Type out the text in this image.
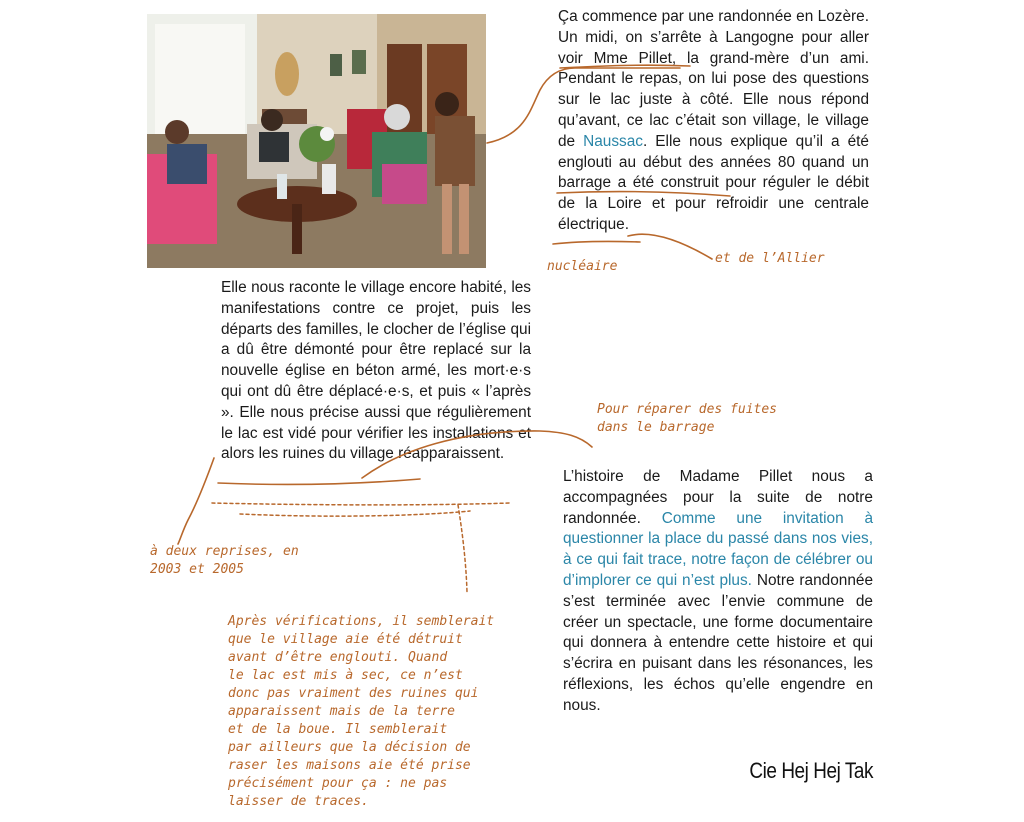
Ça commence par une randonnée en Lozère. Un midi, on s’arrête à Langogne pour aller voir Mme Pillet, la grand-mère d’un ami. Pendant le repas, on lui pose des questions sur le lac juste à côté. Elle nous répond qu’avant, ce lac c’était son village, le village de Naussac. Elle nous explique qu’il a été englouti au début des années 80 quand un barrage a été construit pour réguler le débit de la Loire et pour refroidir une centrale électrique.
Elle nous raconte le village encore habité, les manifestations contre ce projet, puis les départs des familles, le clocher de l’église qui a dû être démonté pour être replacé sur la nouvelle église en béton armé, les mort·e·s qui ont dû être déplacé·e·s, et puis « l’après ». Elle nous précise aussi que régulièrement le lac est vidé pour vérifier les installations et alors les ruines du village réapparaissent.
L’histoire de Madame Pillet nous a accompagnées pour la suite de notre randonnée. Comme une invitation à questionner la place du passé dans nos vies, à ce qui fait trace, notre façon de célébrer ou d’implorer ce qui n’est plus. Notre randonnée s’est terminée avec l’envie commune de créer un spectacle, une forme documentaire qui donnera à entendre cette histoire et qui s’écrira en puisant dans les résonances, les réflexions, les échos qu’elle engendre en nous.
nucléaire
et de l’Allier
Pour réparer des fuites
dans le barrage
à deux reprises, en
2003 et 2005
Après vérifications, il semblerait
que le village aie été détruit
avant d’être englouti. Quand
le lac est mis à sec, ce n’est
donc pas vraiment des ruines qui
apparaissent mais de la terre
et de la boue. Il semblerait
par ailleurs que la décision de
raser les maisons aie été prise
précisément pour ça : ne pas
laisser de traces.
Cie Hej Hej Tak
